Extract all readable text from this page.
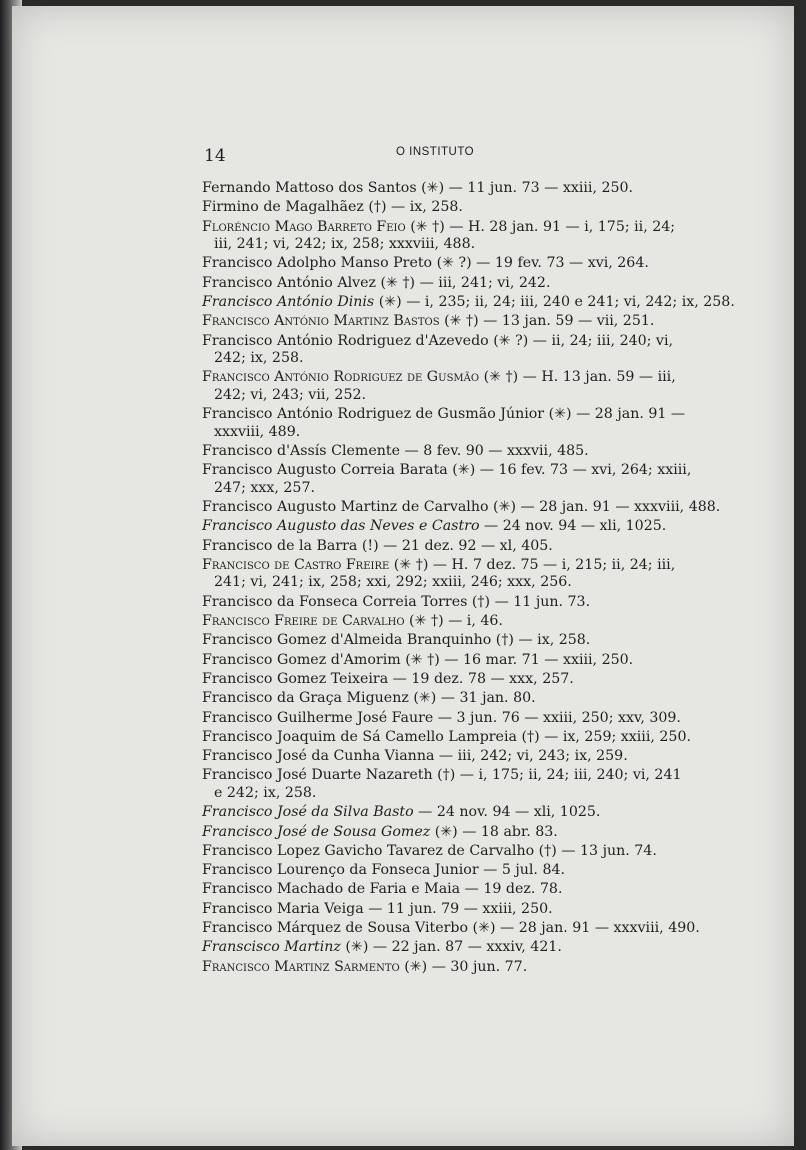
14	O INSTITUTO

Fernando Mattoso dos Santos (✳) — 11 jun. 73 — xxiii, 250.

Firmino de Magalhãez (†) — ix, 258.

Floréncio Mago Barreto Feio (✳ †) — H. 28 jan. 91 — i, 175; ii, 24; iii, 241; vi, 242; ix, 258; xxxviii, 488.

Francisco Adolpho Manso Preto (✳ ?) — 19 fev. 73 — xvi, 264.

Francisco António Alvez (✳ †) — iii, 241; vi, 242.

Francisco António Dinis (✳) — i, 235; ii, 24; iii, 240 e 241; vi, 242; ix, 258.

Francisco António Martinz Bastos (✳ †) — 13 jan. 59 — vii, 251.

Francisco António Rodriguez d'Azevedo (✳ ?) — ii, 24; iii, 240; vi, 242; ix, 258.

Francisco António Rodriguez de Gusmão (✳ †) — H. 13 jan. 59 — iii, 242; vi, 243; vii, 252.

Francisco António Rodriguez de Gusmão Júnior (✳) — 28 jan. 91 — xxxviii, 489.

Francisco d'Assís Clemente — 8 fev. 90 — xxxvii, 485.

Francisco Augusto Correia Barata (✳) — 16 fev. 73 — xvi, 264; xxiii, 247; xxx, 257.

Francisco Augusto Martinz de Carvalho (✳) — 28 jan. 91 — xxxviii, 488.

Francisco Augusto das Neves e Castro — 24 nov. 94 — xli, 1025.

Francisco de la Barra (!) — 21 dez. 92 — xl, 405.

Francisco de Castro Freire (✳ †) — H. 7 dez. 75 — i, 215; ii, 24; iii, 241; vi, 241; ix, 258; xxi, 292; xxiii, 246; xxx, 256.

Francisco da Fonseca Correia Torres (†) — 11 jun. 73.

Francisco Freire de Carvalho (✳ †) — i, 46.

Francisco Gomez d'Almeida Branquinho (†) — ix, 258.

Francisco Gomez d'Amorim (✳ †) — 16 mar. 71 — xxiii, 250.

Francisco Gomez Teixeira — 19 dez. 78 — xxx, 257.

Francisco da Graça Miguenz (✳) — 31 jan. 80.

Francisco Guilherme José Faure — 3 jun. 76 — xxiii, 250; xxv, 309.

Francisco Joaquim de Sá Camello Lampreia (†) — ix, 259; xxiii, 250.

Francisco José da Cunha Vianna — iii, 242; vi, 243; ix, 259.

Francisco José Duarte Nazareth (†) — i, 175; ii, 24; iii, 240; vi, 241 e 242; ix, 258.

Francisco José da Silva Basto — 24 nov. 94 — xli, 1025.

Francisco José de Sousa Gomez (✳) — 18 abr. 83.

Francisco Lopez Gavicho Tavarez de Carvalho (†) — 13 jun. 74.

Francisco Lourenço da Fonseca Junior — 5 jul. 84.

Francisco Machado de Faria e Maia — 19 dez. 78.

Francisco Maria Veiga — 11 jun. 79 — xxiii, 250.

Francisco Márquez de Sousa Viterbo (✳) — 28 jan. 91 — xxxviii, 490.

Franscisco Martinz (✳) — 22 jan. 87 — xxxiv, 421.

Francisco Martinz Sarmento (✳) — 30 jun. 77.
